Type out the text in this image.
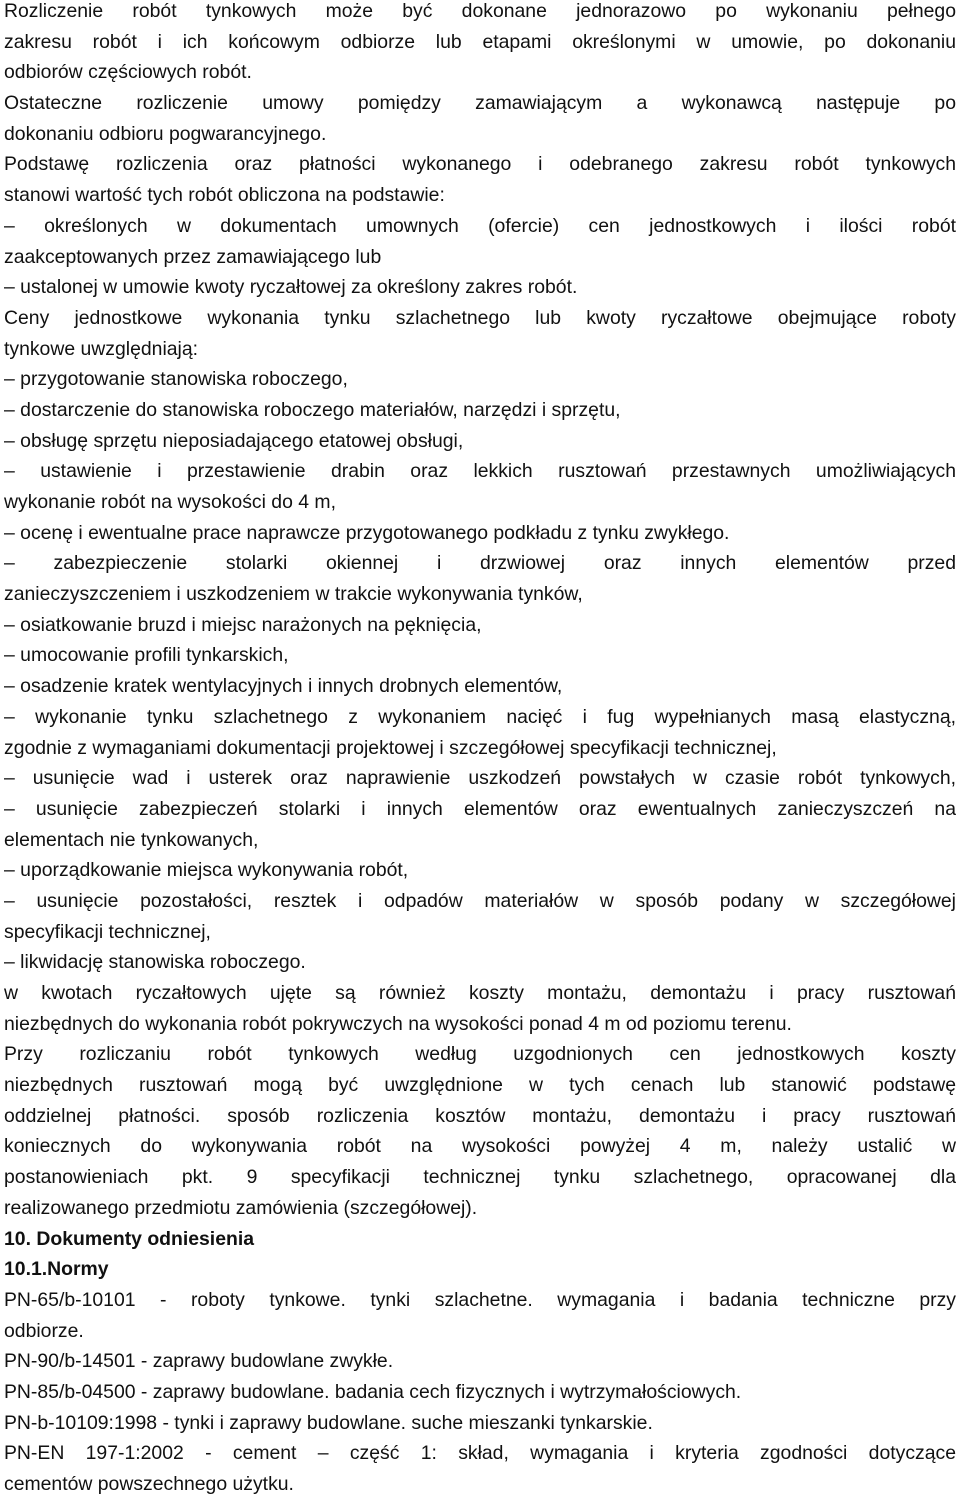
Rozliczenie robót tynkowych może być dokonane jednorazowo po wykonaniu pełnego
zakresu robót i ich końcowym odbiorze lub etapami określonymi w umowie, po dokonaniu
odbiorów częściowych robót.
Ostateczne rozliczenie umowy pomiędzy zamawiającym a wykonawcą następuje po
dokonaniu odbioru pogwarancyjnego.
Podstawę rozliczenia oraz płatności wykonanego i odebranego zakresu robót tynkowych
stanowi wartość tych robót obliczona na podstawie:
– określonych w dokumentach umownych (ofercie) cen jednostkowych i ilości robót
zaakceptowanych przez zamawiającego lub
– ustalonej w umowie kwoty ryczałtowej za określony zakres robót.
Ceny jednostkowe wykonania tynku szlachetnego lub kwoty ryczałtowe obejmujące roboty
tynkowe uwzględniają:
– przygotowanie stanowiska roboczego,
– dostarczenie do stanowiska roboczego materiałów, narzędzi i sprzętu,
– obsługę sprzętu nieposiadającego etatowej obsługi,
– ustawienie i przestawienie drabin oraz lekkich rusztowań przestawnych umożliwiających
wykonanie robót na wysokości do 4 m,
– ocenę i ewentualne prace naprawcze przygotowanego podkładu z tynku zwykłego.
– zabezpieczenie stolarki okiennej i drzwiowej oraz innych elementów przed
zanieczyszczeniem i uszkodzeniem w trakcie wykonywania tynków,
– osiatkowanie bruzd i miejsc narażonych na pęknięcia,
– umocowanie profili tynkarskich,
– osadzenie kratek wentylacyjnych i innych drobnych elementów,
– wykonanie tynku szlachetnego z wykonaniem nacięć i fug wypełnianych masą elastyczną,
zgodnie z wymaganiami dokumentacji projektowej i szczegółowej specyfikacji technicznej,
– usunięcie wad i usterek oraz naprawienie uszkodzeń powstałych w czasie robót tynkowych,
– usunięcie zabezpieczeń stolarki i innych elementów oraz ewentualnych zanieczyszczeń na
elementach nie tynkowanych,
– uporządkowanie miejsca wykonywania robót,
– usunięcie pozostałości, resztek i odpadów materiałów w sposób podany w szczegółowej
specyfikacji technicznej,
– likwidację stanowiska roboczego.
w kwotach ryczałtowych ujęte są również koszty montażu, demontażu i pracy rusztowań
niezbędnych do wykonania robót pokrywczych na wysokości ponad 4 m od poziomu terenu.
Przy rozliczaniu robót tynkowych według uzgodnionych cen jednostkowych koszty
niezbędnych rusztowań mogą być uwzględnione w tych cenach lub stanowić podstawę
oddzielnej płatności. sposób rozliczenia kosztów montażu, demontażu i pracy rusztowań
koniecznych do wykonywania robót na wysokości powyżej 4 m, należy ustalić w
postanowieniach pkt. 9 specyfikacji technicznej tynku szlachetnego, opracowanej dla
realizowanego przedmiotu zamówienia (szczegółowej).
10. Dokumenty odniesienia
10.1.Normy
PN-65/b-10101 - roboty tynkowe. tynki szlachetne. wymagania i badania techniczne przy
odbiorze.
PN-90/b-14501 - zaprawy budowlane zwykłe.
PN-85/b-04500 - zaprawy budowlane. badania cech fizycznych i wytrzymałościowych.
PN-b-10109:1998 - tynki i zaprawy budowlane. suche mieszanki tynkarskie.
PN-EN 197-1:2002 - cement – część 1: skład, wymagania i kryteria zgodności dotyczące
cementów powszechnego użytku.
